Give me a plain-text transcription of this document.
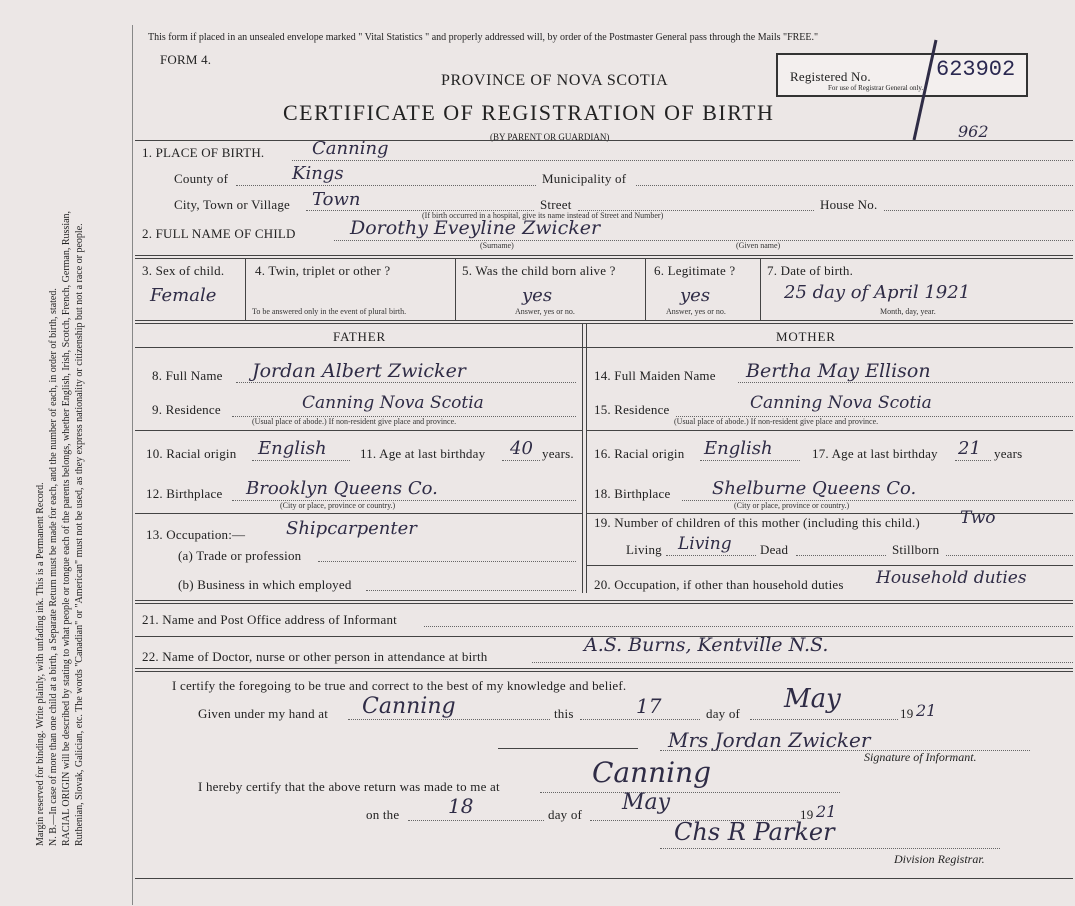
Margin reserved for binding. Write plainly, with unfading ink. This is a Permanent Record. N. B.—In case of more than one child at a birth, a Separate Return must be made for each, and the number of each, in order of birth, stated. RACIAL ORIGIN will be described by stating to what people or tongue each of the parents belongs, whether English, Irish, Scotch, French, German, Russian, Ruthenian, Slovak, Galician, etc. The words "Canadian" or "American" must not be used, as they express nationality or citizenship but not a race or people.
This form if placed in an unsealed envelope marked " Vital Statistics " and properly addressed will, by order of the Postmaster General pass through the Mails "FREE."
FORM 4.
PROVINCE OF NOVA SCOTIA
CERTIFICATE OF REGISTRATION OF BIRTH
(BY PARENT OR GUARDIAN)
Registered No.	623902
For use of Registrar General only.
962
1. PLACE OF BIRTH.	Canning
County of	Kings	Municipality of
City, Town or Village Town	Street	House No.
(If birth occurred in a hospital, give its name instead of Street and Number)
2. FULL NAME OF CHILD	Dorothy Eveyline Zwicker
(Surname)	(Given name)
3. Sex of child.
Female
4. Twin, triplet or other ?
To be answered only in the event of plural birth.
5. Was the child born alive ?
yes
Answer, yes or no.
6. Legitimate ?
yes
Answer, yes or no.
7. Date of birth.
25 day of April 1921
Month, day, year.
FATHER	MOTHER
8. Full Name Jordan Albert Zwicker
9. Residence	Canning Nova Scotia
(Usual place of abode.) If non-resident give place and province.
10. Racial origin English	11. Age at last birthday 40 years.
12. Birthplace Brooklyn Queens Co.
(City or place, province or country.)
13. Occupation:— Shipcarpenter
(a) Trade or profession
(b) Business in which employed
14. Full Maiden Name Bertha May Ellison
15. Residence	Canning Nova Scotia
(Usual place of abode.) If non-resident give place and province.
16. Racial origin English	17. Age at last birthday 21 years
18. Birthplace Shelburne Queens Co.
(City or place, province or country.)
19. Number of children of this mother (including this child.) Two
Living Living Dead	Stillborn
20. Occupation, if other than household duties Household duties
21. Name and Post Office address of Informant
22. Name of Doctor, nurse or other person in attendance at birth
A.S. Burns, Kentville N.S.
I certify the foregoing to be true and correct to the best of my knowledge and belief.
Given under my hand at Canning	this	17	day of May	19 21
Mrs Jordan Zwicker
Signature of Informant.
I hereby certify that the above return was made to me at	Canning
on the 18	day of May	19 21
Chs R Parker
Division Registrar.
